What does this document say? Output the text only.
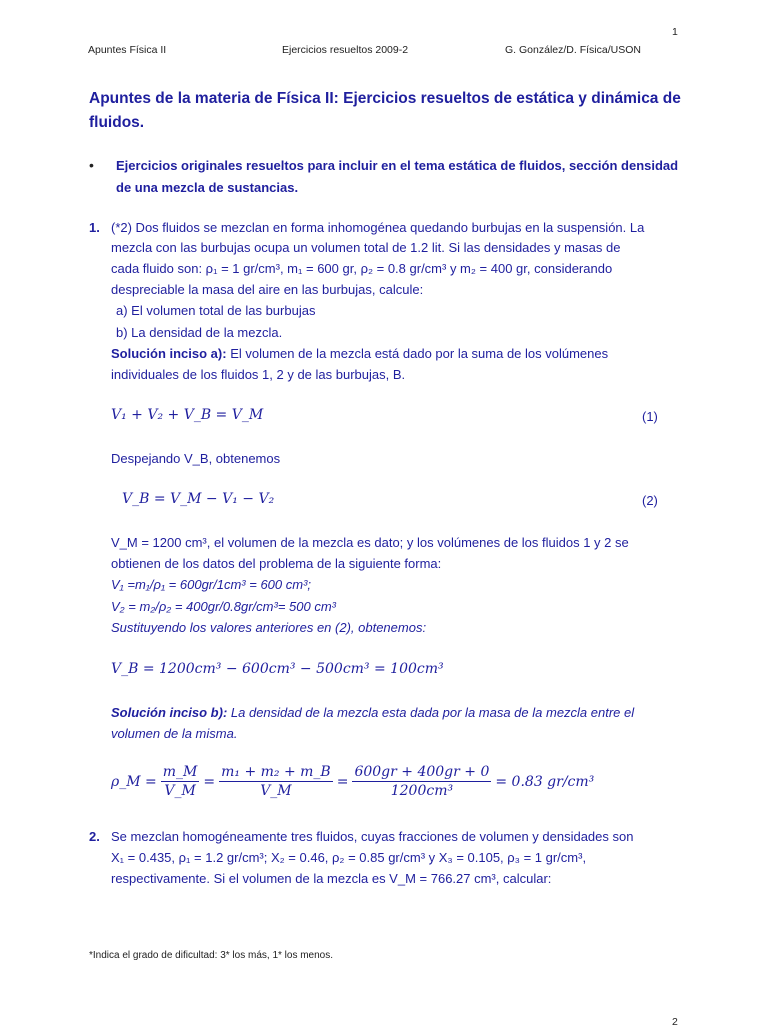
1
Apuntes Física II	Ejercicios resueltos 2009-2	G. González/D. Física/USON
Apuntes de la materia de Física II: Ejercicios resueltos de estática y dinámica de
fluidos.
• Ejercicios originales resueltos para incluir en el tema estática de fluidos, sección densidad
de una mezcla de sustancias.
1. (*2) Dos fluidos se mezclan en forma inhomogénea quedando burbujas en la suspensión. La
mezcla con las burbujas ocupa un volumen total de 1.2 lit. Si las densidades y masas de
cada fluido son: ρ₁ = 1 gr/cm³, m₁ = 600 gr, ρ₂ = 0.8 gr/cm³ y m₂ = 400 gr, considerando
despreciable la masa del aire en las burbujas, calcule:
a) El volumen total de las burbujas
b) La densidad de la mezcla.
Solución inciso a): El volumen de la mezcla está dado por la suma de los volúmenes
individuales de los fluidos 1, 2 y de las burbujas, B.
V₁ + V₂ + V_B = V_M	(1)
Despejando V_B, obtenemos
V_B = V_M − V₁ − V₂	(2)
V_M = 1200 cm³, el volumen de la mezcla es dato; y los volúmenes de los fluidos 1 y 2 se
obtienen de los datos del problema de la siguiente forma:
V₁ =m₁/ρ₁ = 600gr/1cm³ = 600 cm³;
V₂ = m₂/ρ₂ = 400gr/0.8gr/cm³= 500 cm³
Sustituyendo los valores anteriores en (2), obtenemos:
V_B = 1200cm³ − 600cm³ − 500cm³ = 100cm³
Solución inciso b): La densidad de la mezcla esta dada por la masa de la mezcla entre el
volumen de la misma.
ρ_M = $\frac{m\_M}{V\_M} = \frac{\text{m₁ + m₂ + m\_B}}{V\_M} = \frac{600gr + 400gr + 0}{\text{1200cm³}} = 0.83$ gr/cm³
2. Se mezclan homogéneamente tres fluidos, cuyas fracciones de volumen y densidades son
X₁ = 0.435, ρ₁ = 1.2 gr/cm³; X₂ = 0.46, ρ₂ = 0.85 gr/cm³ y X₃ = 0.105, ρ₃ = 1 gr/cm³,
respectivamente. Si el volumen de la mezcla es V_M = 766.27 cm³, calcular:
*Indica el grado de dificultad: 3* los más, 1* los menos.
2
